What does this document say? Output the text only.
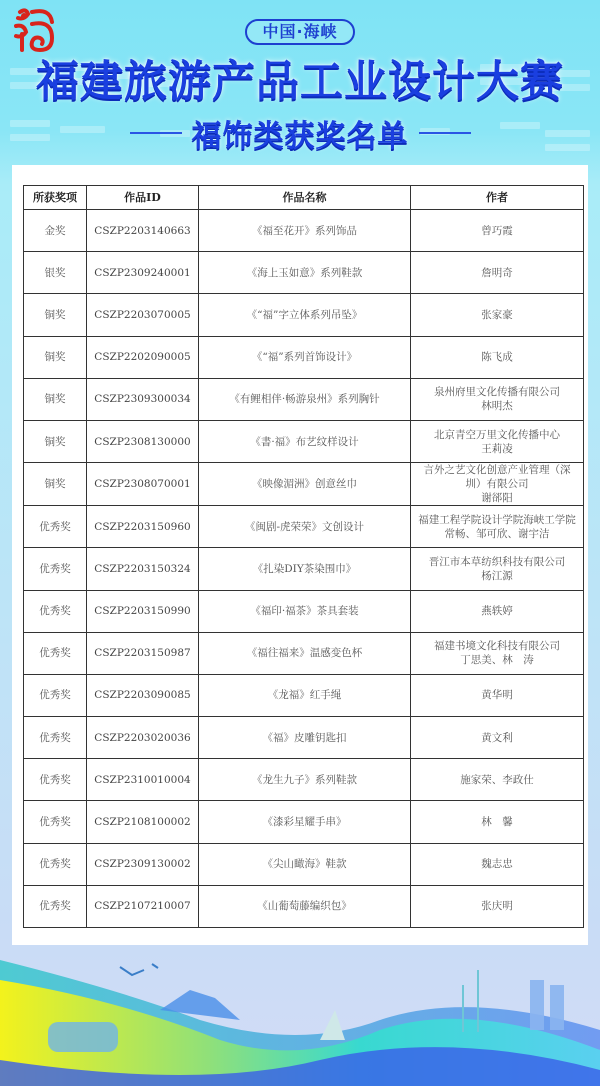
中国·海峡
福建旅游产品工业设计大赛
福饰类获奖名单
所获奖项	作品ID	作品名称	作者
金奖	CSZP2203140663	《福至花开》系列饰品	曾巧霞

银奖	CSZP2309240001	《海上玉如意》系列鞋款	詹明奇

铜奖	CSZP2203070005	《“福”字立体系列吊坠》	张家豪

铜奖	CSZP2202090005	《“福”系列首饰设计》	陈飞成

铜奖	CSZP2309300034	《有鲤相伴·畅游泉州》系列胸针	泉州府里文化传播有限公司
林明杰

铜奖	CSZP2308130000	《書·福》布艺纹样设计	北京青空万里文化传播中心
王莉凌

铜奖	CSZP2308070001	《映像湄洲》创意丝巾	言外之艺文化创意产业管理（深
圳）有限公司
谢郤阳

优秀奖	CSZP2203150960	《闽剧-虎荣荣》文创设计	福建工程学院设计学院海峡工学院
常畅、邹可欣、谢宇洁

优秀奖	CSZP2203150324	《扎染DIY茶染围巾》	晋江市本草纺织科技有限公司
杨江源

优秀奖	CSZP2203150990	《福印·福茶》茶具套装	燕轶婷

优秀奖	CSZP2203150987	《福往福来》温感变色杯	福建书境文化科技有限公司
丁思美、林　涛

优秀奖	CSZP2203090085	《龙福》红手绳	黄华明

优秀奖	CSZP2203020036	《福》皮雕钥匙扣	黄文利

优秀奖	CSZP2310010004	《龙生九子》系列鞋款	施家荣、李政仕

优秀奖	CSZP2108100002	《漆彩星耀手串》	林　馨

优秀奖	CSZP2309130002	《尖山瞰海》鞋款	魏志忠

优秀奖	CSZP2107210007	《山葡萄藤编织包》	张庆明
